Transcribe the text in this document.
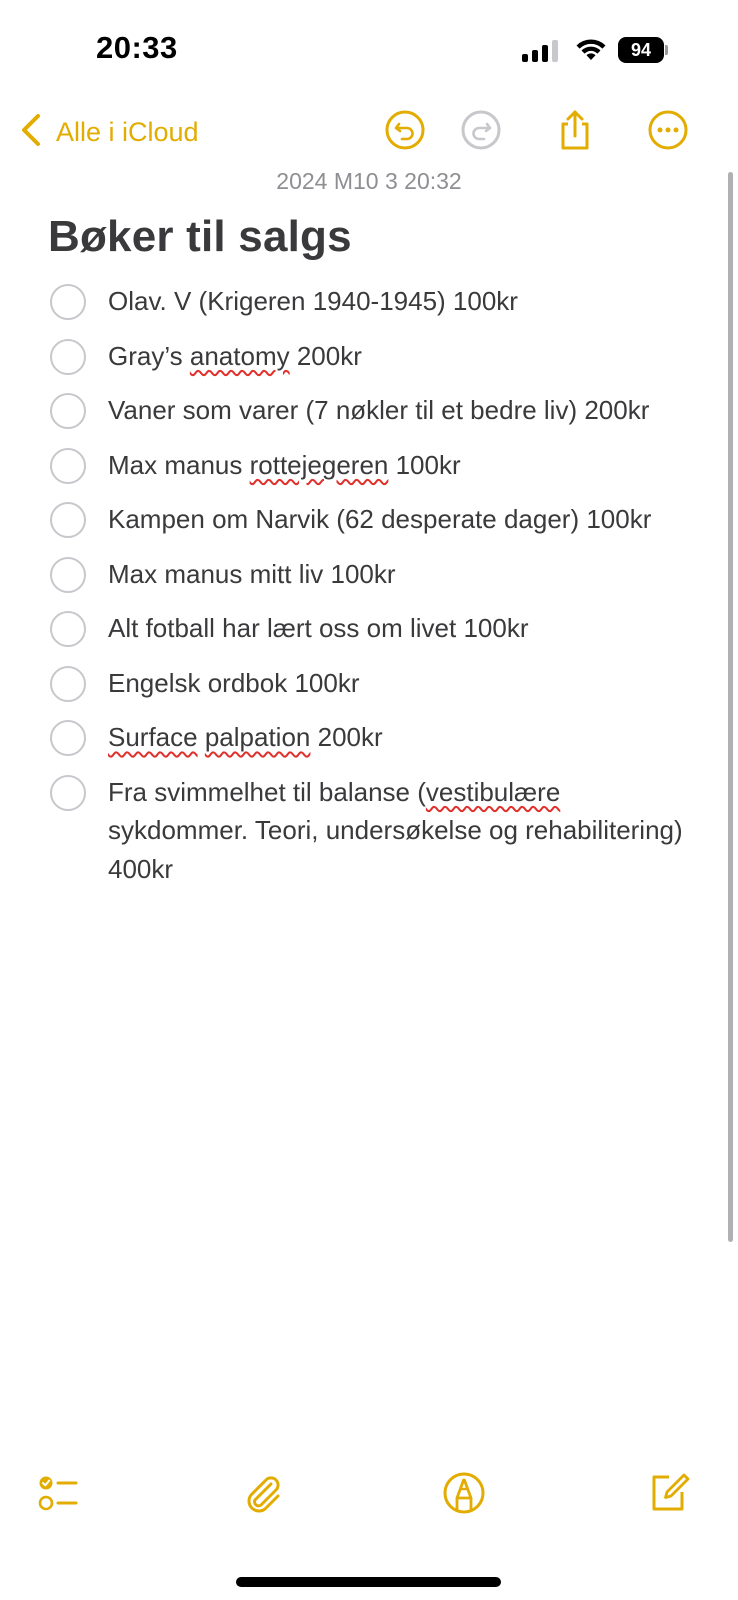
20:33	94
Alle i iCloud
2024 M10 3 20:32
Bøker til salgs
Olav. V (Krigeren 1940-1945) 100kr
Gray’s anatomy 200kr
Vaner som varer (7 nøkler til et bedre liv) 200kr
Max manus rottejegeren 100kr
Kampen om Narvik (62 desperate dager) 100kr
Max manus mitt liv 100kr
Alt fotball har lært oss om livet 100kr
Engelsk ordbok 100kr
Surface palpation 200kr
Fra svimmelhet til balanse (vestibulære sykdommer. Teori, undersøkelse og rehabilitering) 400kr
